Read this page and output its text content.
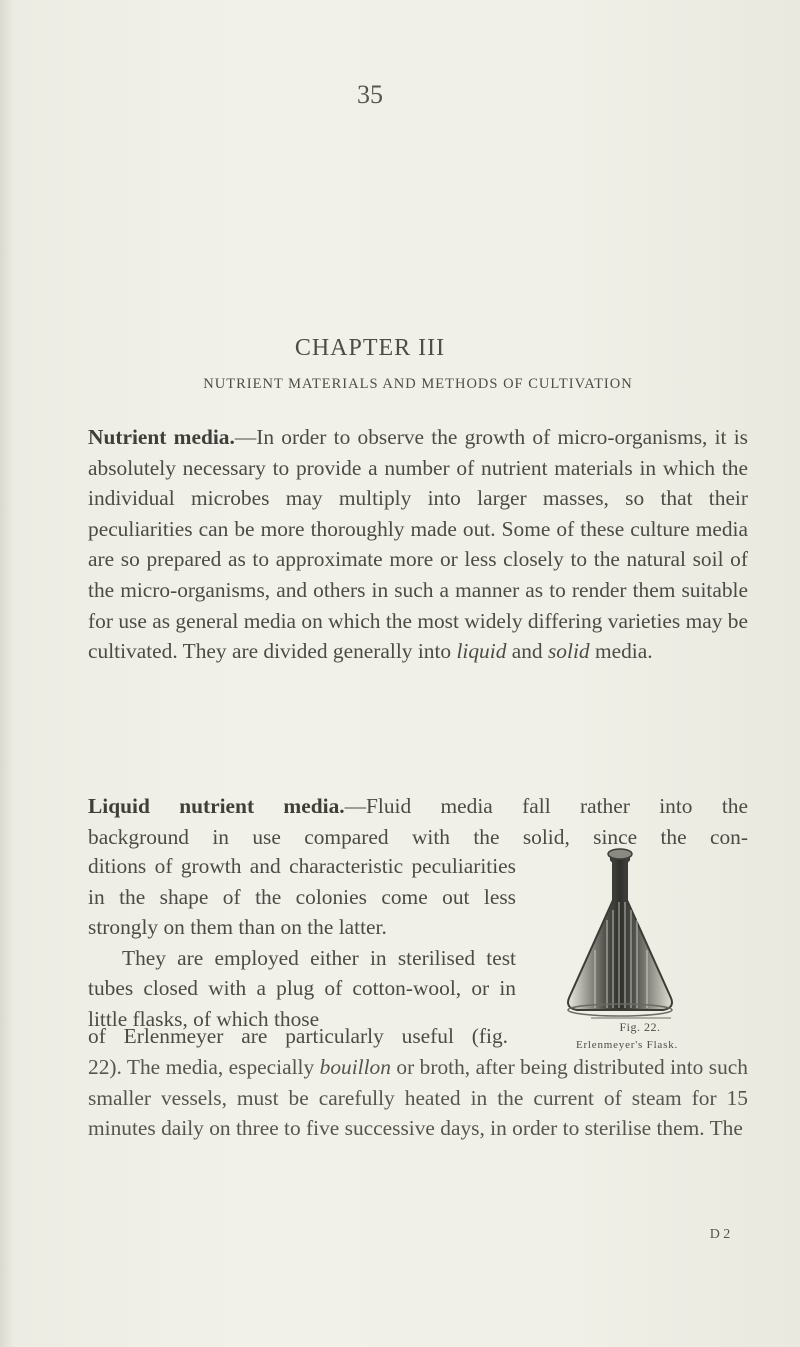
35
CHAPTER III
NUTRIENT MATERIALS AND METHODS OF CULTIVATION

Nutrient media.—In order to observe the growth of micro-organisms, it is absolutely necessary to provide a number of nutrient materials in which the individual microbes may multiply into larger masses, so that their peculiarities can be more thoroughly made out. Some of these culture media are so prepared as to approximate more or less closely to the natural soil of the micro-organisms, and others in such a manner as to render them suitable for use as general media on which the most widely differing varieties may be cultivated. They are divided generally into liquid and solid media.

Liquid nutrient media.—Fluid media fall rather into the
background in use compared with the solid, since the con-
ditions of growth and characteristic peculiarities in the shape of the colonies come out less strongly on them than on the latter.
They are employed either in sterilised test tubes closed with a plug of cotton-wool, or in little flasks, of which those
of Erlenmeyer are particularly useful (fig.
22). The media, especially bouillon or broth, after being distributed into such smaller vessels, must be carefully heated in the current of steam for 15 minutes daily on three to five successive days, in order to sterilise them. The
Fig. 22.
Erlenmeyer's Flask.
D 2
